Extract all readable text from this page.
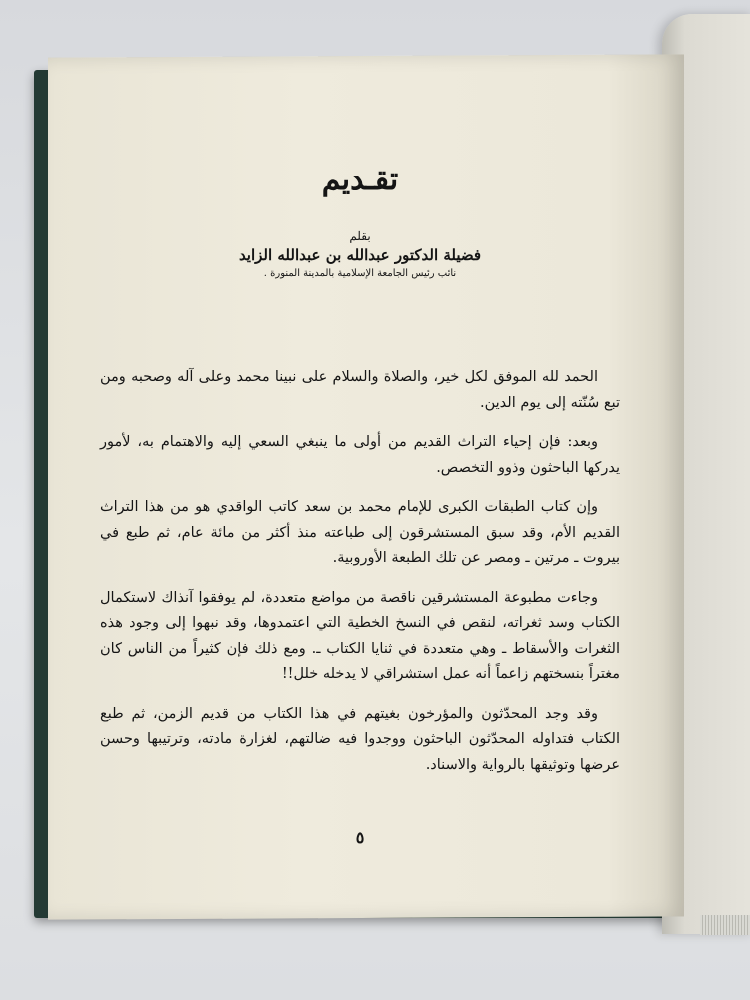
تقـديم
بقلم
فضيلة الدكتور عبدالله بن عبدالله الزايد
نائب رئيس الجامعة الإسلامية بالمدينة المنورة .

الحمد لله الموفق لكل خير، والصلاة والسلام على نبينا محمد وعلى آله وصحبه ومن تبع سُنّته إلى يوم الدين.

وبعد: فإن إحياء التراث القديم من أولى ما ينبغي السعي إليه والاهتمام به، لأمور يدركها الباحثون وذوو التخصص.

وإن كتاب الطبقات الكبرى للإمام محمد بن سعد كاتب الواقدي هو من هذا التراث القديم الأم، وقد سبق المستشرقون إلى طباعته منذ أكثر من مائة عام، ثم طبع في بيروت ـ مرتين ـ ومصر عن تلك الطبعة الأوروبية.

وجاءت مطبوعة المستشرقين ناقصة من مواضع متعددة، لم يوفقوا آنذاك لاستكمال الكتاب وسد ثغراته، لنقص في النسخ الخطية التي اعتمدوها، وقد نبهوا إلى وجود هذه الثغرات والأسقاط ـ وهي متعددة في ثنايا الكتاب ـ. ومع ذلك فإن كثيراً من الناس كان مغتراً بنسختهم زاعماً أنه عمل استشراقي لا يدخله خلل!!

وقد وجد المحدّثون والمؤرخون بغيتهم في هذا الكتاب من قديم الزمن، ثم طبع الكتاب فتداوله المحدّثون الباحثون ووجدوا فيه ضالتهم، لغزارة مادته، وترتيبها وحسن عرضها وتوثيقها بالرواية والاسناد.

٥
